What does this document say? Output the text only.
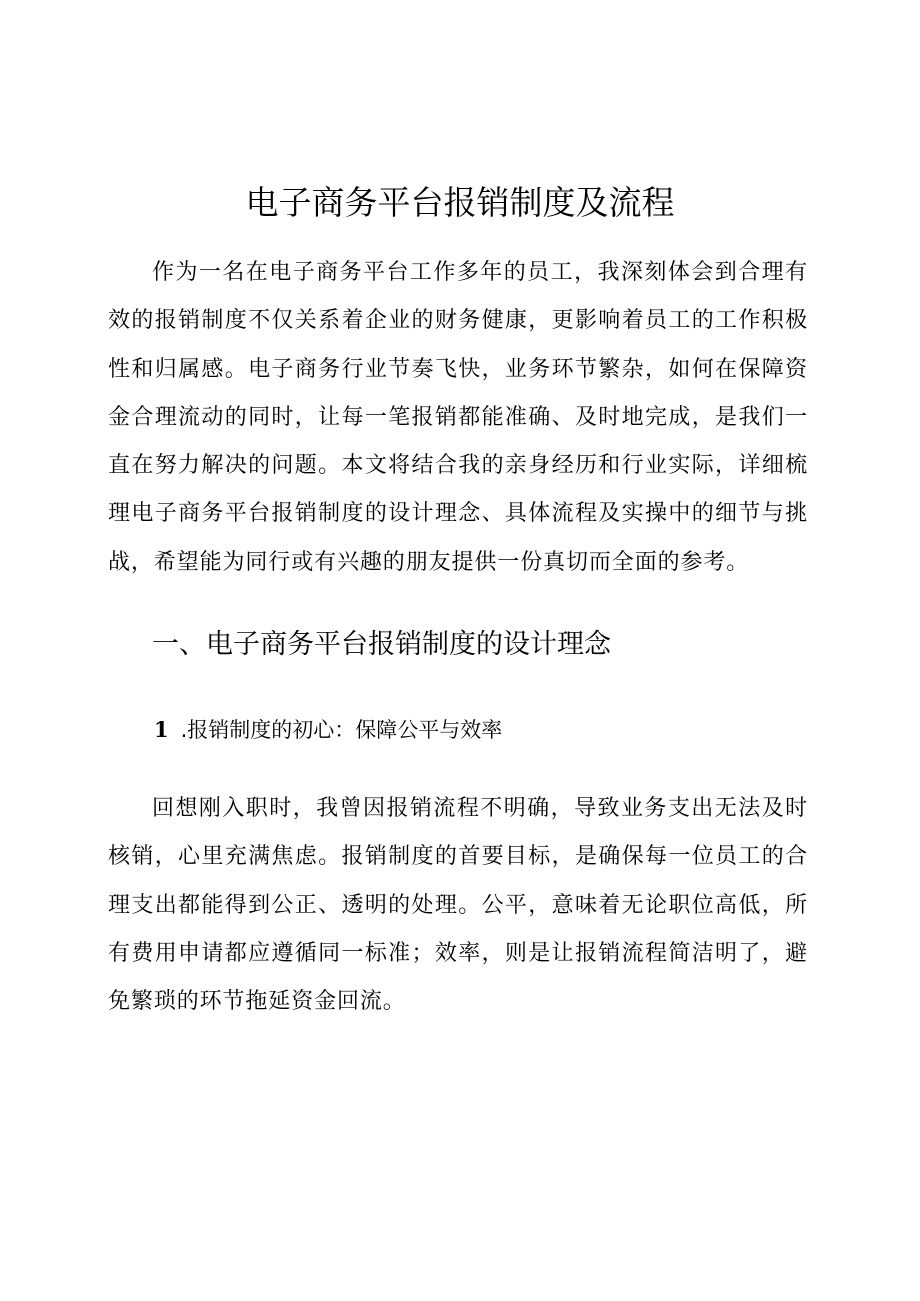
电子商务平台报销制度及流程

作为一名在电子商务平台工作多年的员工，我深刻体会到合理有效的报销制度不仅关系着企业的财务健康，更影响着员工的工作积极性和归属感。电子商务行业节奏飞快，业务环节繁杂，如何在保障资金合理流动的同时，让每一笔报销都能准确、及时地完成，是我们一直在努力解决的问题。本文将结合我的亲身经历和行业实际，详细梳理电子商务平台报销制度的设计理念、具体流程及实操中的细节与挑战，希望能为同行或有兴趣的朋友提供一份真切而全面的参考。

一、电子商务平台报销制度的设计理念
1 .报销制度的初心：保障公平与效率

回想刚入职时，我曾因报销流程不明确，导致业务支出无法及时核销，心里充满焦虑。报销制度的首要目标，是确保每一位员工的合理支出都能得到公正、透明的处理。公平，意味着无论职位高低，所有费用申请都应遵循同一标准；效率，则是让报销流程简洁明了，避免繁琐的环节拖延资金回流。
